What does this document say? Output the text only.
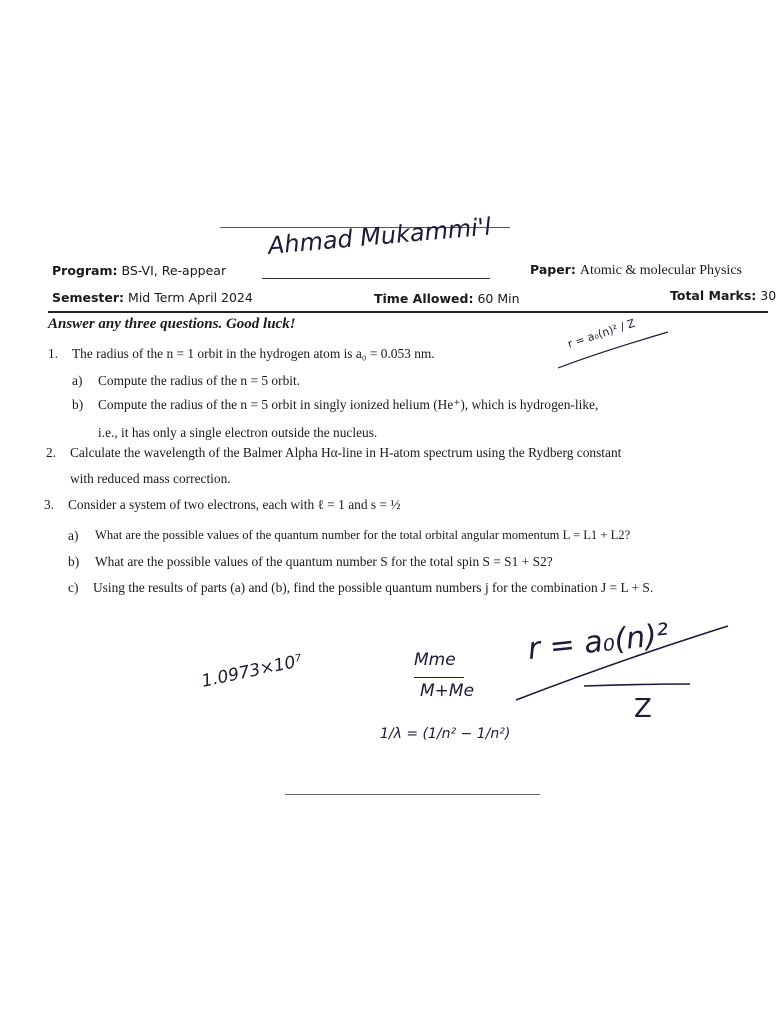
Ahmad Mukammi'l
Program: BS-VI, Re-appear	Paper: Atomic & molecular Physics
Semester: Mid Term April 2024	Time Allowed: 60 Min	Total Marks: 30
Answer any three questions. Good luck!
1. The radius of the n = 1 orbit in the hydrogen atom is a₀ = 0.053 nm.
a) Compute the radius of the n = 5 orbit.
b) Compute the radius of the n = 5 orbit in singly ionized helium (He⁺), which is hydrogen-like,
i.e., it has only a single electron outside the nucleus.
2. Calculate the wavelength of the Balmer Alpha Hα-line in H-atom spectrum using the Rydberg constant
with reduced mass correction.
3. Consider a system of two electrons, each with ℓ = 1 and s = ½
a) What are the possible values of the quantum number for the total orbital angular momentum L = L1 + L2?
b) What are the possible values of the quantum number S for the total spin S = S1 + S2?
c) Using the results of parts (a) and (b), find the possible quantum numbers j for the combination J = L + S.
r = a₀(n)² / Z
1.0973×10⁷	Mme
M+Me
1/λ = (1/n² − 1/n²)
r = a₀(n)²
Z
